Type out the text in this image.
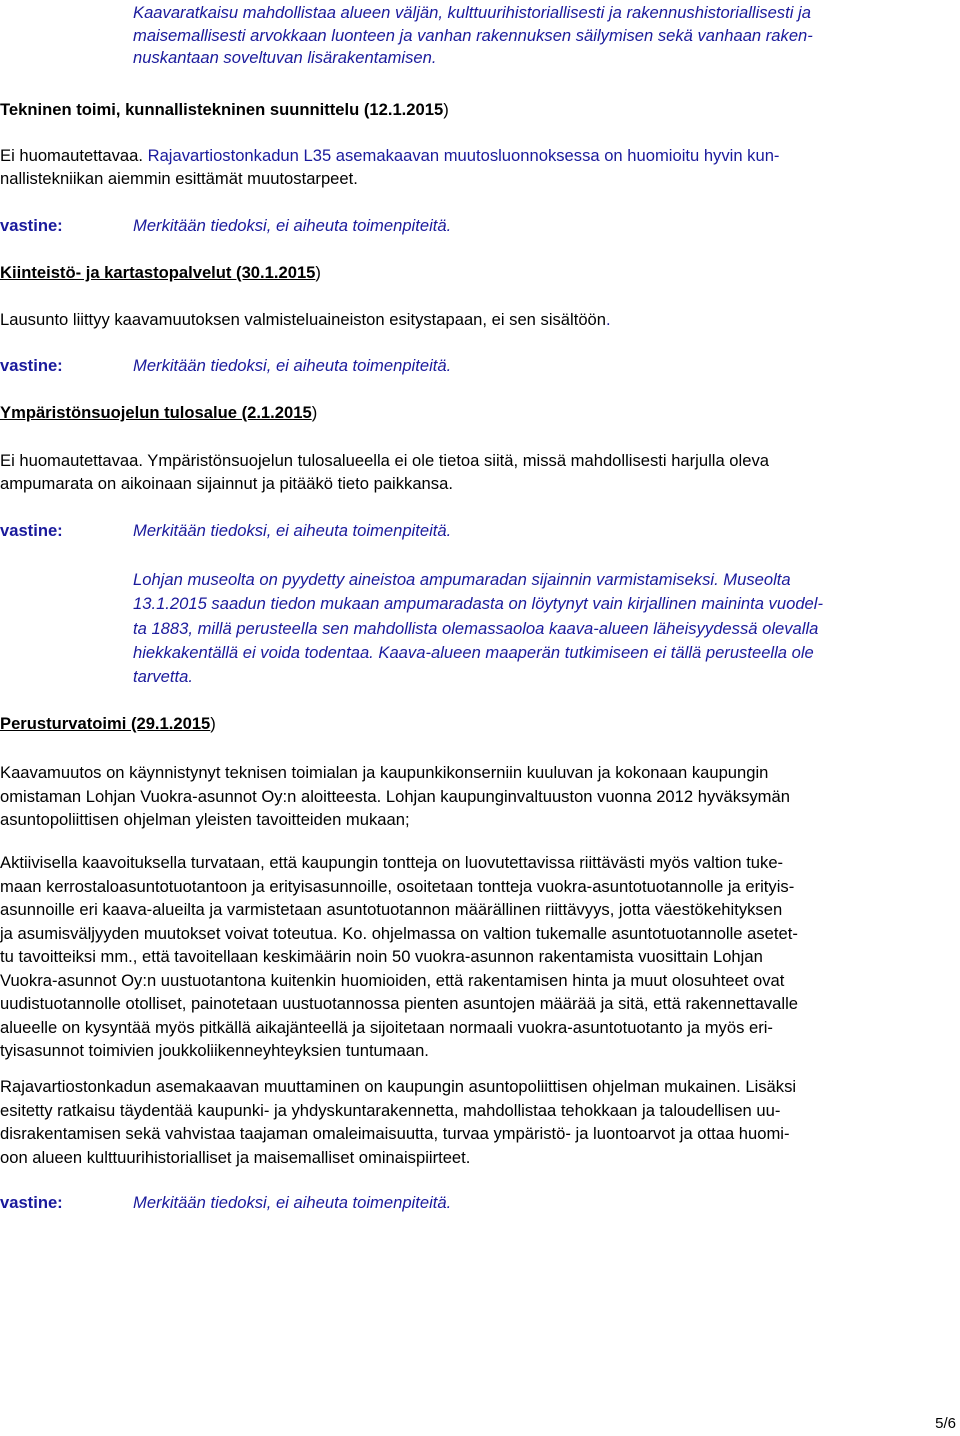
Kaavaratkaisu mahdollistaa alueen väljän, kulttuurihistoriallisesti ja rakennushistoriallisesti ja
maisemallisesti arvokkaan luonteen ja vanhan rakennuksen säilymisen sekä vanhaan raken-
nuskantaan soveltuvan lisärakentamisen.
Tekninen toimi, kunnallistekninen suunnittelu (12.1.2015)
Ei huomautettavaa. Rajavartiostonkadun L35 asemakaavan muutosluonnoksessa on huomioitu hyvin kun-
nallistekniikan aiemmin esittämät muutostarpeet.
vastine:	Merkitään tiedoksi, ei aiheuta toimenpiteitä.
Kiinteistö- ja kartastopalvelut (30.1.2015)
Lausunto liittyy kaavamuutoksen valmisteluaineiston esitystapaan, ei sen sisältöön.
vastine:	Merkitään tiedoksi, ei aiheuta toimenpiteitä.
Ympäristönsuojelun tulosalue (2.1.2015)
Ei huomautettavaa. Ympäristönsuojelun tulosalueella ei ole tietoa siitä, missä mahdollisesti harjulla oleva
ampumarata on aikoinaan sijainnut ja pitääkö tieto paikkansa.
vastine:	Merkitään tiedoksi, ei aiheuta toimenpiteitä.
Lohjan museolta on pyydetty aineistoa ampumaradan sijainnin varmistamiseksi. Museolta
13.1.2015 saadun tiedon mukaan ampumaradasta on löytynyt vain kirjallinen maininta vuodel-
ta 1883, millä perusteella sen mahdollista olemassaoloa kaava-alueen läheisyydessä olevalla
hiekkakentällä ei voida todentaa. Kaava-alueen maaperän tutkimiseen ei tällä perusteella ole
tarvetta.
Perusturvatoimi (29.1.2015)
Kaavamuutos on käynnistynyt teknisen toimialan ja kaupunkikonserniin kuuluvan ja kokonaan kaupungin
omistaman Lohjan Vuokra-asunnot Oy:n aloitteesta. Lohjan kaupunginvaltuuston vuonna 2012 hyväksymän
asuntopoliittisen ohjelman yleisten tavoitteiden mukaan;
Aktiivisella kaavoituksella turvataan, että kaupungin tontteja on luovutettavissa riittävästi myös valtion tuke-
maan kerrostaloasuntotuotantoon ja erityisasunnoille, osoitetaan tontteja vuokra-asuntotuotannolle ja erityis-
asunnoille eri kaava-alueilta ja varmistetaan asuntotuotannon määrällinen riittävyys, jotta väestökehityksen
ja asumisväljyyden muutokset voivat toteutua. Ko. ohjelmassa on valtion tukemalle asuntotuotannolle asetet-
tu tavoitteiksi mm., että tavoitellaan keskimäärin noin 50 vuokra-asunnon rakentamista vuosittain Lohjan
Vuokra-asunnot Oy:n uustuotantona kuitenkin huomioiden, että rakentamisen hinta ja muut olosuhteet ovat
uudistuotannolle otolliset, painotetaan uustuotannossa pienten asuntojen määrää ja sitä, että rakennettavalle
alueelle on kysyntää myös pitkällä aikajänteellä ja sijoitetaan normaali vuokra-asuntotuotanto ja myös eri-
tyisasunnot toimivien joukkoliikenneyhteyksien tuntumaan.
Rajavartiostonkadun asemakaavan muuttaminen on kaupungin asuntopoliittisen ohjelman mukainen. Lisäksi
esitetty ratkaisu täydentää kaupunki- ja yhdyskuntarakennetta, mahdollistaa tehokkaan ja taloudellisen uu-
disrakentamisen sekä vahvistaa taajaman omaleimaisuutta, turvaa ympäristö- ja luontoarvot ja ottaa huomi-
oon alueen kulttuurihistorialliset ja maisemalliset ominaispiirteet.
vastine:	Merkitään tiedoksi, ei aiheuta toimenpiteitä.
5/6
